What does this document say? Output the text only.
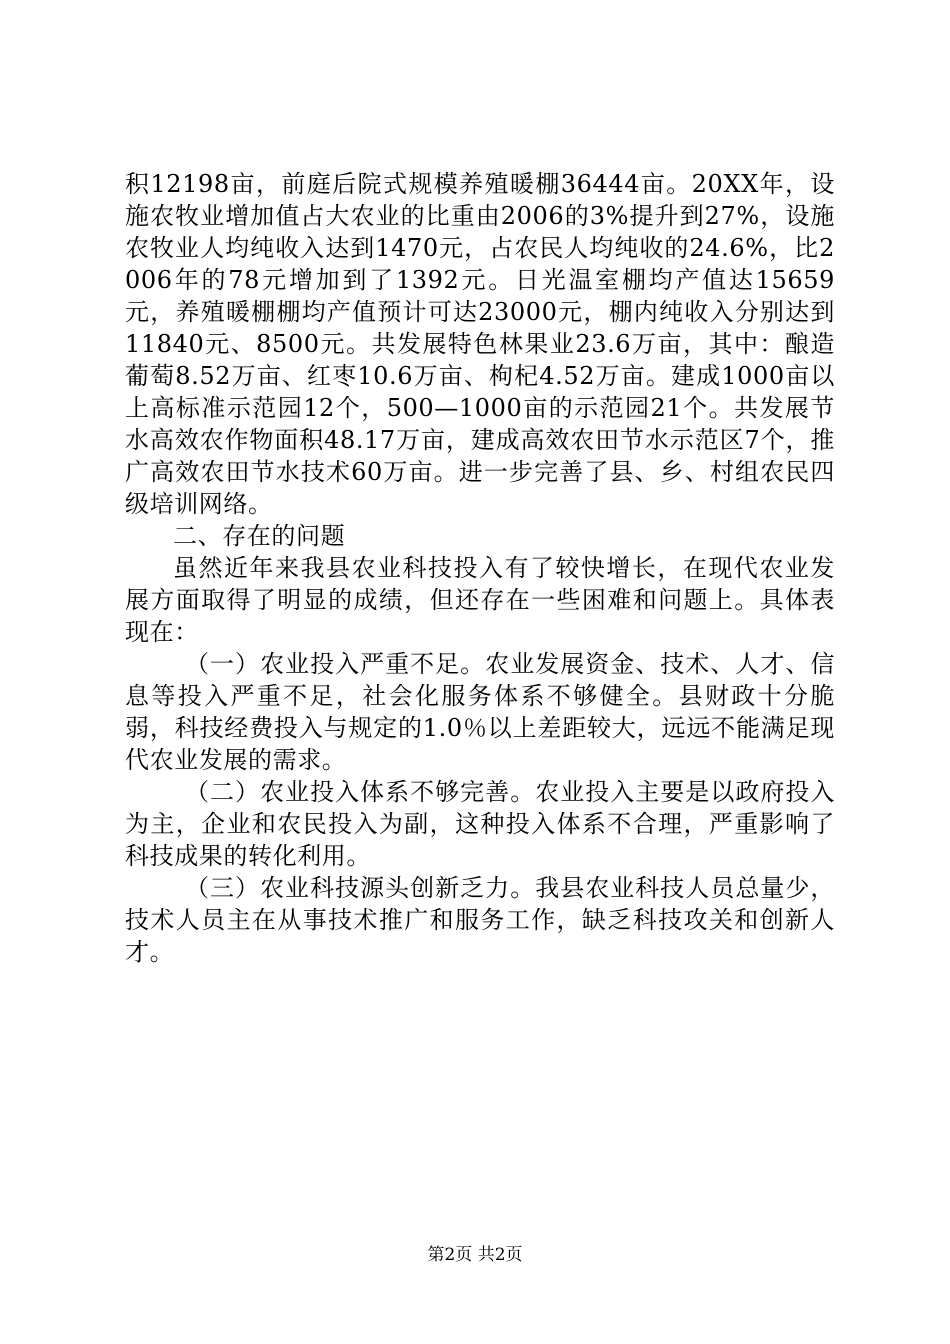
积12198亩，前庭后院式规模养殖暖棚36444亩。20XX年，设施农牧业增加值占大农业的比重由2006的3%提升到27%，设施农牧业人均纯收入达到1470元，占农民人均纯收的24.6%，比2006年的78元增加到了1392元。日光温室棚均产值达15659元，养殖暖棚棚均产值预计可达23000元，棚内纯收入分别达到11840元、8500元。共发展特色林果业23.6万亩，其中：酿造葡萄8.52万亩、红枣10.6万亩、枸杞4.52万亩。建成1000亩以上高标准示范园12个，500—1000亩的示范园21个。共发展节水高效农作物面积48.17万亩，建成高效农田节水示范区7个，推广高效农田节水技术60万亩。进一步完善了县、乡、村组农民四级培训网络。

二、存在的问题

虽然近年来我县农业科技投入有了较快增长，在现代农业发展方面取得了明显的成绩，但还存在一些困难和问题上。具体表现在：

（一）农业投入严重不足。农业发展资金、技术、人才、信息等投入严重不足，社会化服务体系不够健全。县财政十分脆弱，科技经费投入与规定的1.0％以上差距较大，远远不能满足现代农业发展的需求。

（二）农业投入体系不够完善。农业投入主要是以政府投入为主，企业和农民投入为副，这种投入体系不合理，严重影响了科技成果的转化利用。

（三）农业科技源头创新乏力。我县农业科技人员总量少，技术人员主在从事技术推广和服务工作，缺乏科技攻关和创新人才。

第2页 共2页
